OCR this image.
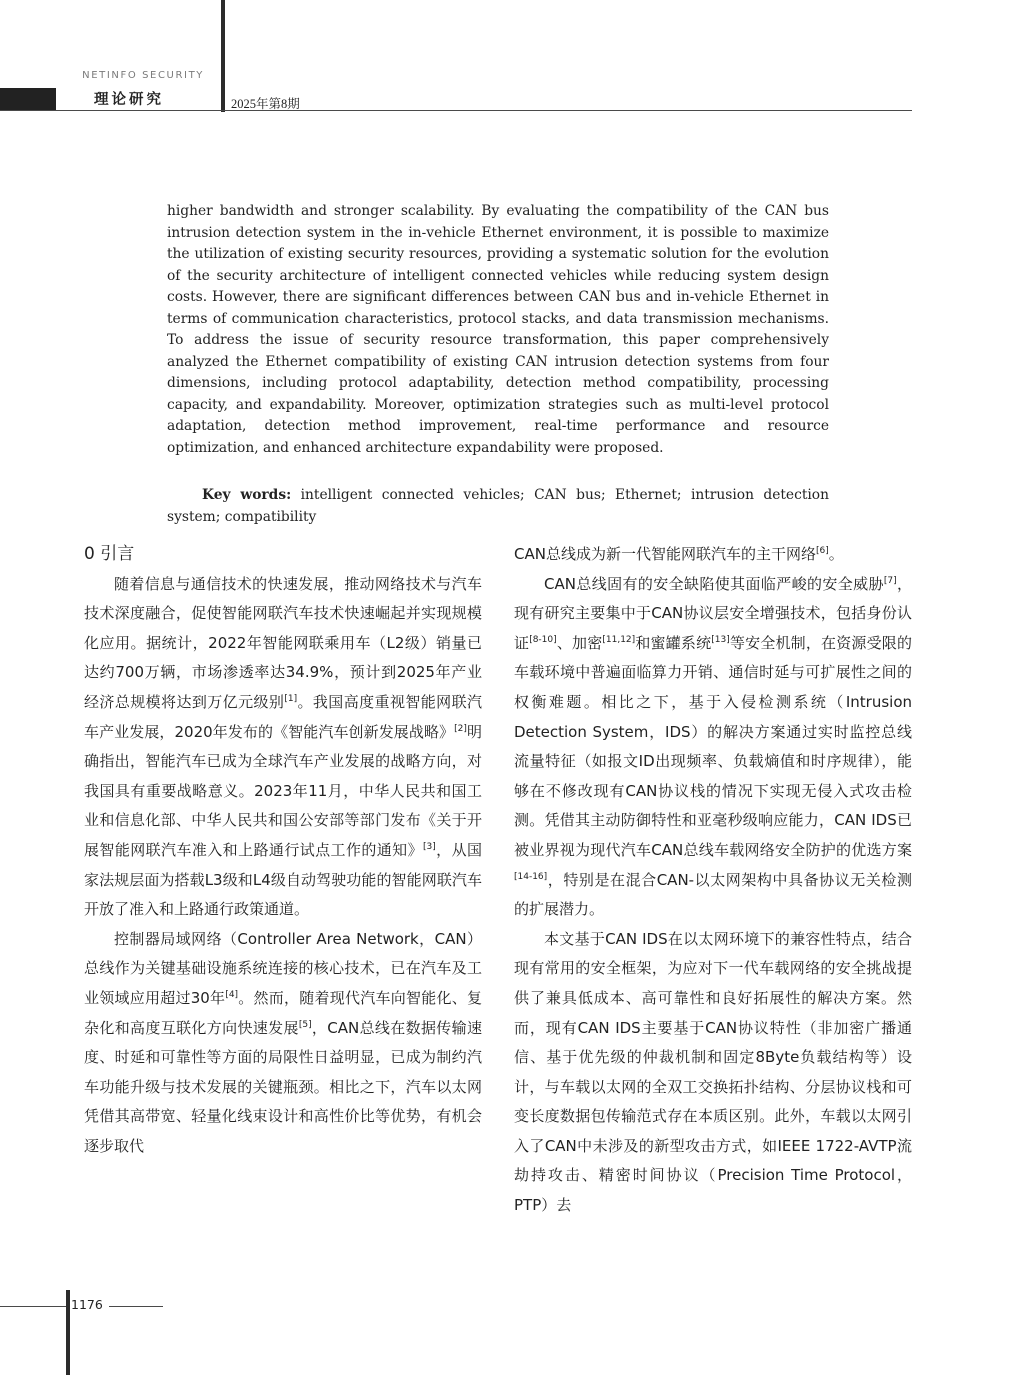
NETINFO SECURITY
理论研究	2025年第8期

higher bandwidth and stronger scalability. By evaluating the compatibility of the CAN bus intrusion detection system in the in-vehicle Ethernet environment, it is possible to maximize the utilization of existing security resources, providing a systematic solution for the evolution of the security architecture of intelligent connected vehicles while reducing system design costs. However, there are significant differences between CAN bus and in-vehicle Ethernet in terms of communication characteristics, protocol stacks, and data transmission mechanisms. To address the issue of security resource transformation, this paper comprehensively analyzed the Ethernet compatibility of existing CAN intrusion detection systems from four dimensions, including protocol adaptability, detection method compatibility, processing capacity, and expandability. Moreover, optimization strategies such as multi-level protocol adaptation, detection method improvement, real-time performance and resource optimization, and enhanced architecture expandability were proposed.

Key words: intelligent connected vehicles; CAN bus; Ethernet; intrusion detection system; compatibility

0 引言

随着信息与通信技术的快速发展，推动网络技术与汽车技术深度融合，促使智能网联汽车技术快速崛起并实现规模化应用。据统计，2022年智能网联乘用车（L2级）销量已达约700万辆，市场渗透率达34.9%，预计到2025年产业经济总规模将达到万亿元级别[1]。我国高度重视智能网联汽车产业发展，2020年发布的《智能汽车创新发展战略》[2]明确指出，智能汽车已成为全球汽车产业发展的战略方向，对我国具有重要战略意义。2023年11月，中华人民共和国工业和信息化部、中华人民共和国公安部等部门发布《关于开展智能网联汽车准入和上路通行试点工作的通知》[3]，从国家法规层面为搭载L3级和L4级自动驾驶功能的智能网联汽车开放了准入和上路通行政策通道。

控制器局域网络（Controller Area Network，CAN）总线作为关键基础设施系统连接的核心技术，已在汽车及工业领域应用超过30年[4]。然而，随着现代汽车向智能化、复杂化和高度互联化方向快速发展[5]，CAN总线在数据传输速度、时延和可靠性等方面的局限性日益明显，已成为制约汽车功能升级与技术发展的关键瓶颈。相比之下，汽车以太网凭借其高带宽、轻量化线束设计和高性价比等优势，有机会逐步取代

CAN总线成为新一代智能网联汽车的主干网络[6]。

CAN总线固有的安全缺陷使其面临严峻的安全威胁[7]，现有研究主要集中于CAN协议层安全增强技术，包括身份认证[8-10]、加密[11,12]和蜜罐系统[13]等安全机制，在资源受限的车载环境中普遍面临算力开销、通信时延与可扩展性之间的权衡难题。相比之下，基于入侵检测系统（Intrusion Detection System，IDS）的解决方案通过实时监控总线流量特征（如报文ID出现频率、负载熵值和时序规律），能够在不修改现有CAN协议栈的情况下实现无侵入式攻击检测。凭借其主动防御特性和亚毫秒级响应能力，CAN IDS已被业界视为现代汽车CAN总线车载网络安全防护的优选方案[14-16]，特别是在混合CAN-以太网架构中具备协议无关检测的扩展潜力。

本文基于CAN IDS在以太网环境下的兼容性特点，结合现有常用的安全框架，为应对下一代车载网络的安全挑战提供了兼具低成本、高可靠性和良好拓展性的解决方案。然而，现有CAN IDS主要基于CAN协议特性（非加密广播通信、基于优先级的仲裁机制和固定8Byte负载结构等）设计，与车载以太网的全双工交换拓扑结构、分层协议栈和可变长度数据包传输范式存在本质区别。此外，车载以太网引入了CAN中未涉及的新型攻击方式，如IEEE 1722-AVTP流劫持攻击、精密时间协议（Precision Time Protocol，PTP）去

1176
